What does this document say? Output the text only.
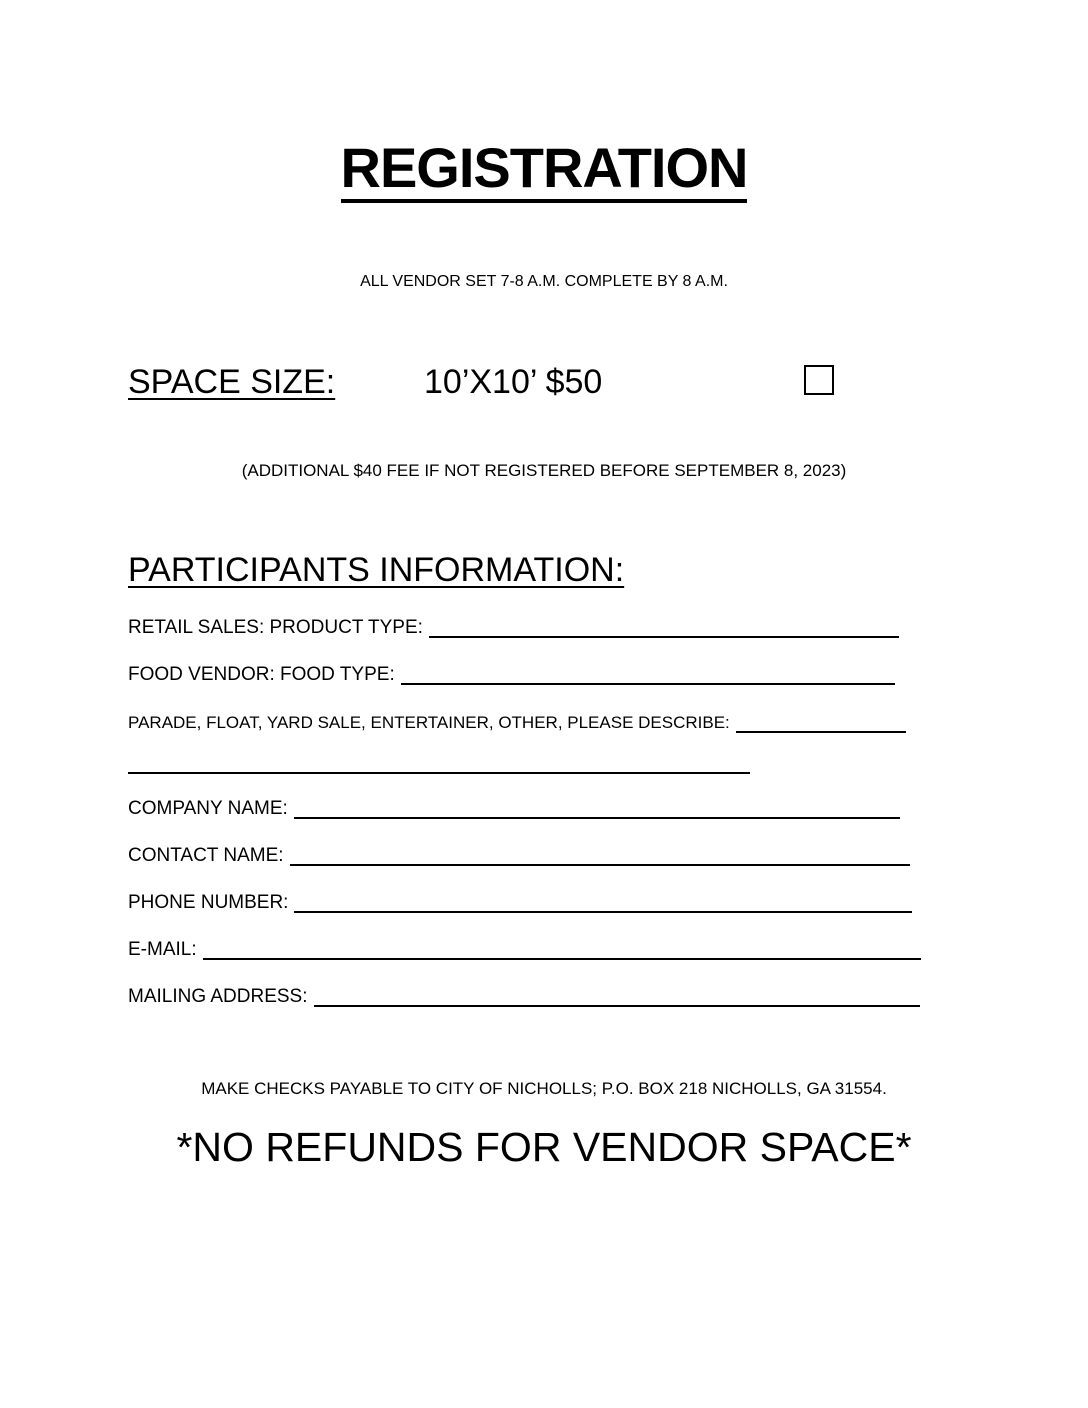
REGISTRATION
ALL VENDOR SET 7-8 A.M. COMPLETE BY 8 A.M.
SPACE SIZE:	10’X10’ $50
(ADDITIONAL $40 FEE IF NOT REGISTERED BEFORE SEPTEMBER 8, 2023)
PARTICIPANTS INFORMATION:
RETAIL SALES: PRODUCT TYPE:
FOOD VENDOR: FOOD TYPE:
PARADE, FLOAT, YARD SALE, ENTERTAINER, OTHER, PLEASE DESCRIBE:
COMPANY NAME:
CONTACT NAME:
PHONE NUMBER:
E-MAIL:
MAILING ADDRESS:
MAKE CHECKS PAYABLE TO CITY OF NICHOLLS; P.O. BOX 218 NICHOLLS, GA 31554.
*NO REFUNDS FOR VENDOR SPACE*
